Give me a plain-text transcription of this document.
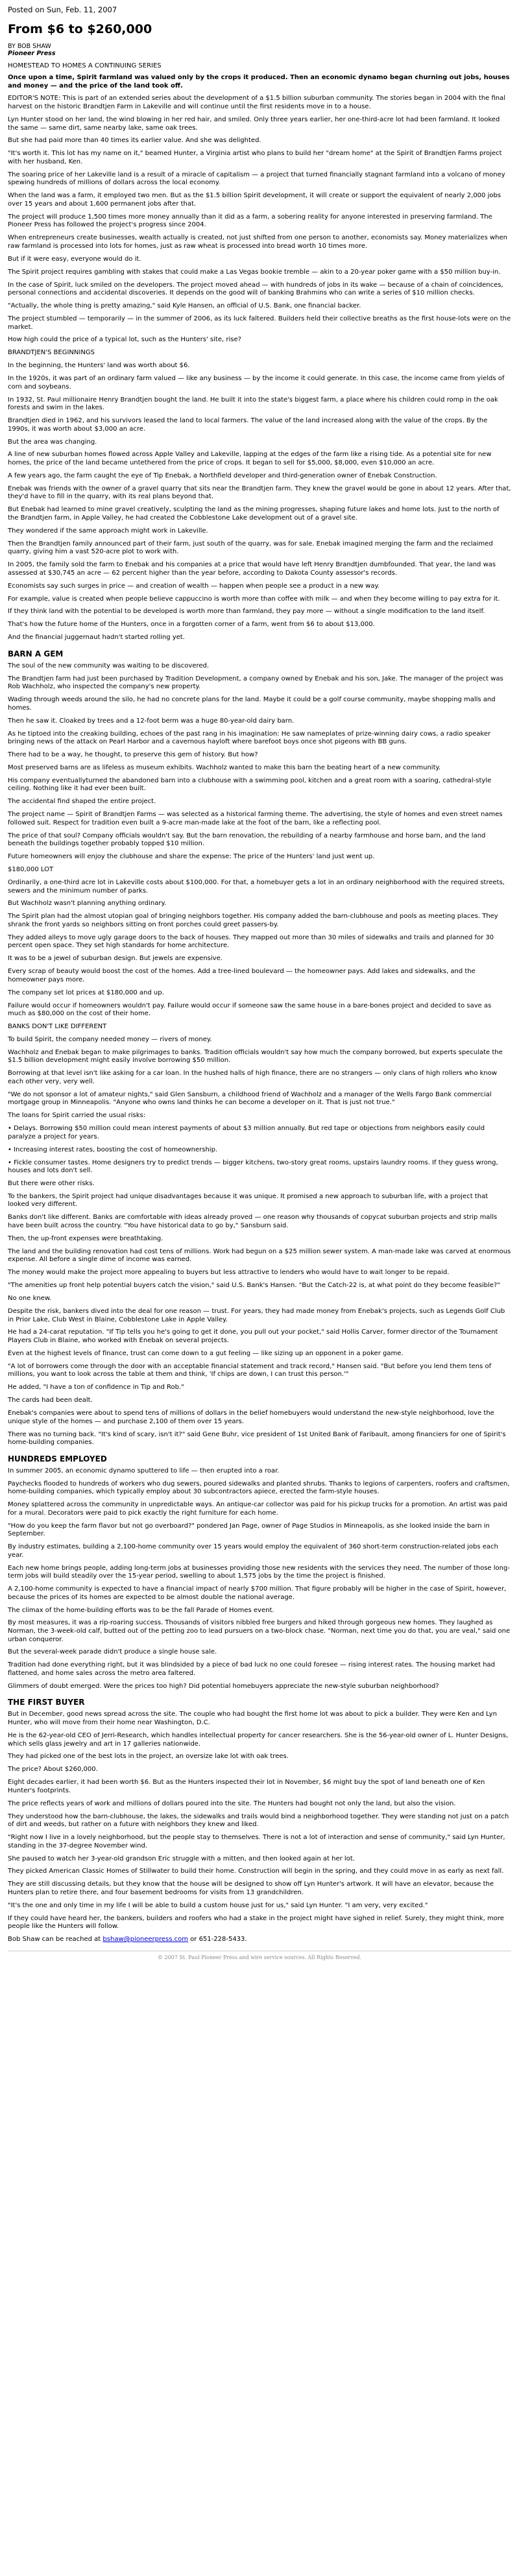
Posted on Sun, Feb. 11, 2007
From $6 to $260,000
BY BOB SHAW
Pioneer Press
HOMESTEAD TO HOMES A CONTINUING SERIES

Once upon a time, Spirit farmland was valued only by the crops it produced. Then an economic dynamo began churning out jobs, houses and money — and the price of the land took off.

EDITOR'S NOTE: This is part of an extended series about the development of a $1.5 billion suburban community. The stories began in 2004 with the final harvest on the historic Brandtjen Farm in Lakeville and will continue until the first residents move in to a house.

Lyn Hunter stood on her land, the wind blowing in her red hair, and smiled. Only three years earlier, her one-third-acre lot had been farmland. It looked the same — same dirt, same nearby lake, same oak trees.

But she had paid more than 40 times its earlier value. And she was delighted.

"It's worth it. This lot has my name on it," beamed Hunter, a Virginia artist who plans to build her "dream home" at the Spirit of Brandtjen Farms project with her husband, Ken.

The soaring price of her Lakeville land is a result of a miracle of capitalism — a project that turned financially stagnant farmland into a volcano of money spewing hundreds of millions of dollars across the local economy.

When the land was a farm, it employed two men. But as the $1.5 billion Spirit development, it will create or support the equivalent of nearly 2,000 jobs over 15 years and about 1,600 permanent jobs after that.

The project will produce 1,500 times more money annually than it did as a farm, a sobering reality for anyone interested in preserving farmland. The Pioneer Press has followed the project's progress since 2004.

When entrepreneurs create businesses, wealth actually is created, not just shifted from one person to another, economists say. Money materializes when raw farmland is processed into lots for homes, just as raw wheat is processed into bread worth 10 times more.

But if it were easy, everyone would do it.

The Spirit project requires gambling with stakes that could make a Las Vegas bookie tremble — akin to a 20-year poker game with a $50 million buy-in.

In the case of Spirit, luck smiled on the developers. The project moved ahead — with hundreds of jobs in its wake — because of a chain of coincidences, personal connections and accidental discoveries. It depends on the good will of banking Brahmins who can write a series of $10 million checks.

"Actually, the whole thing is pretty amazing," said Kyle Hansen, an official of U.S. Bank, one financial backer.

The project stumbled — temporarily — in the summer of 2006, as its luck faltered. Builders held their collective breaths as the first house-lots were on the market.

How high could the price of a typical lot, such as the Hunters' site, rise?

BRANDTJEN'S BEGINNINGS

In the beginning, the Hunters' land was worth about $6.

In the 1920s, it was part of an ordinary farm valued — like any business — by the income it could generate. In this case, the income came from yields of corn and soybeans.

In 1932, St. Paul millionaire Henry Brandtjen bought the land. He built it into the state's biggest farm, a place where his children could romp in the oak forests and swim in the lakes.

Brandtjen died in 1962, and his survivors leased the land to local farmers. The value of the land increased along with the value of the crops. By the 1990s, it was worth about $3,000 an acre.

But the area was changing.

A line of new suburban homes flowed across Apple Valley and Lakeville, lapping at the edges of the farm like a rising tide. As a potential site for new homes, the price of the land became untethered from the price of crops. It began to sell for $5,000, $8,000, even $10,000 an acre.

A few years ago, the farm caught the eye of Tip Enebak, a Northfield developer and third-generation owner of Enebak Construction.

Enebak was friends with the owner of a gravel quarry that sits near the Brandtjen farm. They knew the gravel would be gone in about 12 years. After that, they'd have to fill in the quarry, with its real plans beyond that.

But Enebak had learned to mine gravel creatively, sculpting the land as the mining progresses, shaping future lakes and home lots. Just to the north of the Brandtjen farm, in Apple Valley, he had created the Cobblestone Lake development out of a gravel site.

They wondered if the same approach might work in Lakeville.

Then the Brandtjen family announced part of their farm, just south of the quarry, was for sale. Enebak imagined merging the farm and the reclaimed quarry, giving him a vast 520-acre plot to work with.

In 2005, the family sold the farm to Enebak and his companies at a price that would have left Henry Brandtjen dumbfounded. That year, the land was assessed at $30,745 an acre — 62 percent higher than the year before, according to Dakota County assessor's records.

Economists say such surges in price — and creation of wealth — happen when people see a product in a new way.

For example, value is created when people believe cappuccino is worth more than coffee with milk — and when they become willing to pay extra for it.

If they think land with the potential to be developed is worth more than farmland, they pay more — without a single modification to the land itself.

That's how the future home of the Hunters, once in a forgotten corner of a farm, went from $6 to about $13,000.

And the financial juggernaut hadn't started rolling yet.

BARN A GEM

The soul of the new community was waiting to be discovered.

The Brandtjen farm had just been purchased by Tradition Development, a company owned by Enebak and his son, Jake. The manager of the project was Rob Wachholz, who inspected the company's new property.

Wading through weeds around the silo, he had no concrete plans for the land. Maybe it could be a golf course community, maybe shopping malls and homes.

Then he saw it. Cloaked by trees and a 12-foot berm was a huge 80-year-old dairy barn.

As he tiptoed into the creaking building, echoes of the past rang in his imagination: He saw nameplates of prize-winning dairy cows, a radio speaker bringing news of the attack on Pearl Harbor and a cavernous hayloft where barefoot boys once shot pigeons with BB guns.

There had to be a way, he thought, to preserve this gem of history. But how?

Most preserved barns are as lifeless as museum exhibits. Wachholz wanted to make this barn the beating heart of a new community.

His company eventuallyturned the abandoned barn into a clubhouse with a swimming pool, kitchen and a great room with a soaring, cathedral-style ceiling. Nothing like it had ever been built.

The accidental find shaped the entire project.

The project name — Spirit of Brandtjen Farms — was selected as a historical farming theme. The advertising, the style of homes and even street names followed suit. Respect for tradition even built a 9-acre man-made lake at the foot of the barn, like a reflecting pool.

The price of that soul? Company officials wouldn't say. But the barn renovation, the rebuilding of a nearby farmhouse and horse barn, and the land beneath the buildings together probably topped $10 million.

Future homeowners will enjoy the clubhouse and share the expense: The price of the Hunters' land just went up.

$180,000 LOT

Ordinarily, a one-third acre lot in Lakeville costs about $100,000. For that, a homebuyer gets a lot in an ordinary neighborhood with the required streets, sewers and the minimum number of parks.

But Wachholz wasn't planning anything ordinary.

The Spirit plan had the almost utopian goal of bringing neighbors together. His company added the barn-clubhouse and pools as meeting places. They shrank the front yards so neighbors sitting on front porches could greet passers-by.

They added alleys to move ugly garage doors to the back of houses. They mapped out more than 30 miles of sidewalks and trails and planned for 30 percent open space. They set high standards for home architecture.

It was to be a jewel of suburban design. But jewels are expensive.

Every scrap of beauty would boost the cost of the homes. Add a tree-lined boulevard — the homeowner pays. Add lakes and sidewalks, and the homeowner pays more.

The company set lot prices at $180,000 and up.

Failure would occur if homeowners wouldn't pay. Failure would occur if someone saw the same house in a bare-bones project and decided to save as much as $80,000 on the cost of their home.

BANKS DON'T LIKE DIFFERENT

To build Spirit, the company needed money — rivers of money.

Wachholz and Enebak began to make pilgrimages to banks. Tradition officials wouldn't say how much the company borrowed, but experts speculate the $1.5 billion development might easily involve borrowing $50 million.

Borrowing at that level isn't like asking for a car loan. In the hushed halls of high finance, there are no strangers — only clans of high rollers who know each other very, very well.

"We do not sponsor a lot of amateur nights," said Glen Sansburn, a childhood friend of Wachholz and a manager of the Wells Fargo Bank commercial mortgage group in Minneapolis. "Anyone who owns land thinks he can become a developer on it. That is just not true."

The loans for Spirit carried the usual risks:

• Delays. Borrowing $50 million could mean interest payments of about $3 million annually. But red tape or objections from neighbors easily could paralyze a project for years.

• Increasing interest rates, boosting the cost of homeownership.

• Fickle consumer tastes. Home designers try to predict trends — bigger kitchens, two-story great rooms, upstairs laundry rooms. If they guess wrong, houses and lots don't sell.

But there were other risks.

To the bankers, the Spirit project had unique disadvantages because it was unique. It promised a new approach to suburban life, with a project that looked very different.

Banks don't like different. Banks are comfortable with ideas already proved — one reason why thousands of copycat suburban projects and strip malls have been built across the country. "You have historical data to go by," Sansburn said.

Then, the up-front expenses were breathtaking.

The land and the building renovation had cost tens of millions. Work had begun on a $25 million sewer system. A man-made lake was carved at enormous expense. All before a single dime of income was earned.

The money would make the project more appealing to buyers but less attractive to lenders who would have to wait longer to be repaid.

"The amenities up front help potential buyers catch the vision," said U.S. Bank's Hansen. "But the Catch-22 is, at what point do they become feasible?"

No one knew.

Despite the risk, bankers dived into the deal for one reason — trust. For years, they had made money from Enebak's projects, such as Legends Golf Club in Prior Lake, Club West in Blaine, Cobblestone Lake in Apple Valley.

He had a 24-carat reputation. "If Tip tells you he's going to get it done, you pull out your pocket," said Hollis Carver, former director of the Tournament Players Club in Blaine, who worked with Enebak on several projects.

Even at the highest levels of finance, trust can come down to a gut feeling — like sizing up an opponent in a poker game.

"A lot of borrowers come through the door with an acceptable financial statement and track record," Hansen said. "But before you lend them tens of millions, you want to look across the table at them and think, 'If chips are down, I can trust this person.'"

He added, "I have a ton of confidence in Tip and Rob."

The cards had been dealt.

Enebak's companies were about to spend tens of millions of dollars in the belief homebuyers would understand the new-style neighborhood, love the unique style of the homes — and purchase 2,100 of them over 15 years.

There was no turning back. "It's kind of scary, isn't it?" said Gene Buhr, vice president of 1st United Bank of Faribault, among financiers for one of Spirit's home-building companies.

HUNDREDS EMPLOYED

In summer 2005, an economic dynamo sputtered to life — then erupted into a roar.

Paychecks flooded to hundreds of workers who dug sewers, poured sidewalks and planted shrubs. Thanks to legions of carpenters, roofers and craftsmen, home-building companies, which typically employ about 30 subcontractors apiece, erected the farm-style houses.

Money splattered across the community in unpredictable ways. An antique-car collector was paid for his pickup trucks for a promotion. An artist was paid for a mural. Decorators were paid to pick exactly the right furniture for each home.

"How do you keep the farm flavor but not go overboard?" pondered Jan Page, owner of Page Studios in Minneapolis, as she looked inside the barn in September.

By industry estimates, building a 2,100-home community over 15 years would employ the equivalent of 360 short-term construction-related jobs each year.

Each new home brings people, adding long-term jobs at businesses providing those new residents with the services they need. The number of those long-term jobs will build steadily over the 15-year period, swelling to about 1,575 jobs by the time the project is finished.

A 2,100-home community is expected to have a financial impact of nearly $700 million. That figure probably will be higher in the case of Spirit, however, because the prices of its homes are expected to be almost double the national average.

The climax of the home-building efforts was to be the fall Parade of Homes event.

By most measures, it was a rip-roaring success. Thousands of visitors nibbled free burgers and hiked through gorgeous new homes. They laughed as Norman, the 3-week-old calf, butted out of the petting zoo to lead pursuers on a two-block chase. "Norman, next time you do that, you are veal," said one urban conqueror.

But the several-week parade didn't produce a single house sale.

Tradition had done everything right, but it was blindsided by a piece of bad luck no one could foresee — rising interest rates. The housing market had flattened, and home sales across the metro area faltered.

Glimmers of doubt emerged. Were the prices too high? Did potential homebuyers appreciate the new-style suburban neighborhood?

THE FIRST BUYER

But in December, good news spread across the site. The couple who had bought the first home lot was about to pick a builder. They were Ken and Lyn Hunter, who will move from their home near Washington, D.C.

He is the 62-year-old CEO of Jerri-Research, which handles intellectual property for cancer researchers. She is the 56-year-old owner of L. Hunter Designs, which sells glass jewelry and art in 17 galleries nationwide.

They had picked one of the best lots in the project, an oversize lake lot with oak trees.

The price? About $260,000.

Eight decades earlier, it had been worth $6. But as the Hunters inspected their lot in November, $6 might buy the spot of land beneath one of Ken Hunter's footprints.

The price reflects years of work and millions of dollars poured into the site. The Hunters had bought not only the land, but also the vision.

They understood how the barn-clubhouse, the lakes, the sidewalks and trails would bind a neighborhood together. They were standing not just on a patch of dirt and weeds, but rather on a future with neighbors they knew and liked.

"Right now I live in a lovely neighborhood, but the people stay to themselves. There is not a lot of interaction and sense of community," said Lyn Hunter, standing in the 37-degree November wind.

She paused to watch her 3-year-old grandson Eric struggle with a mitten, and then looked again at her lot.

They picked American Classic Homes of Stillwater to build their home. Construction will begin in the spring, and they could move in as early as next fall.

They are still discussing details, but they know that the house will be designed to show off Lyn Hunter's artwork. It will have an elevator, because the Hunters plan to retire there, and four basement bedrooms for visits from 13 grandchildren.

"It's the one and only time in my life I will be able to build a custom house just for us," said Lyn Hunter. "I am very, very excited."

If they could have heard her, the bankers, builders and roofers who had a stake in the project might have sighed in relief. Surely, they might think, more people like the Hunters will follow.

Bob Shaw can be reached at bshaw@pioneerpress.com or 651-228-5433.

© 2007 St. Paul Pioneer Press and wire service sources. All Rights Reserved.
